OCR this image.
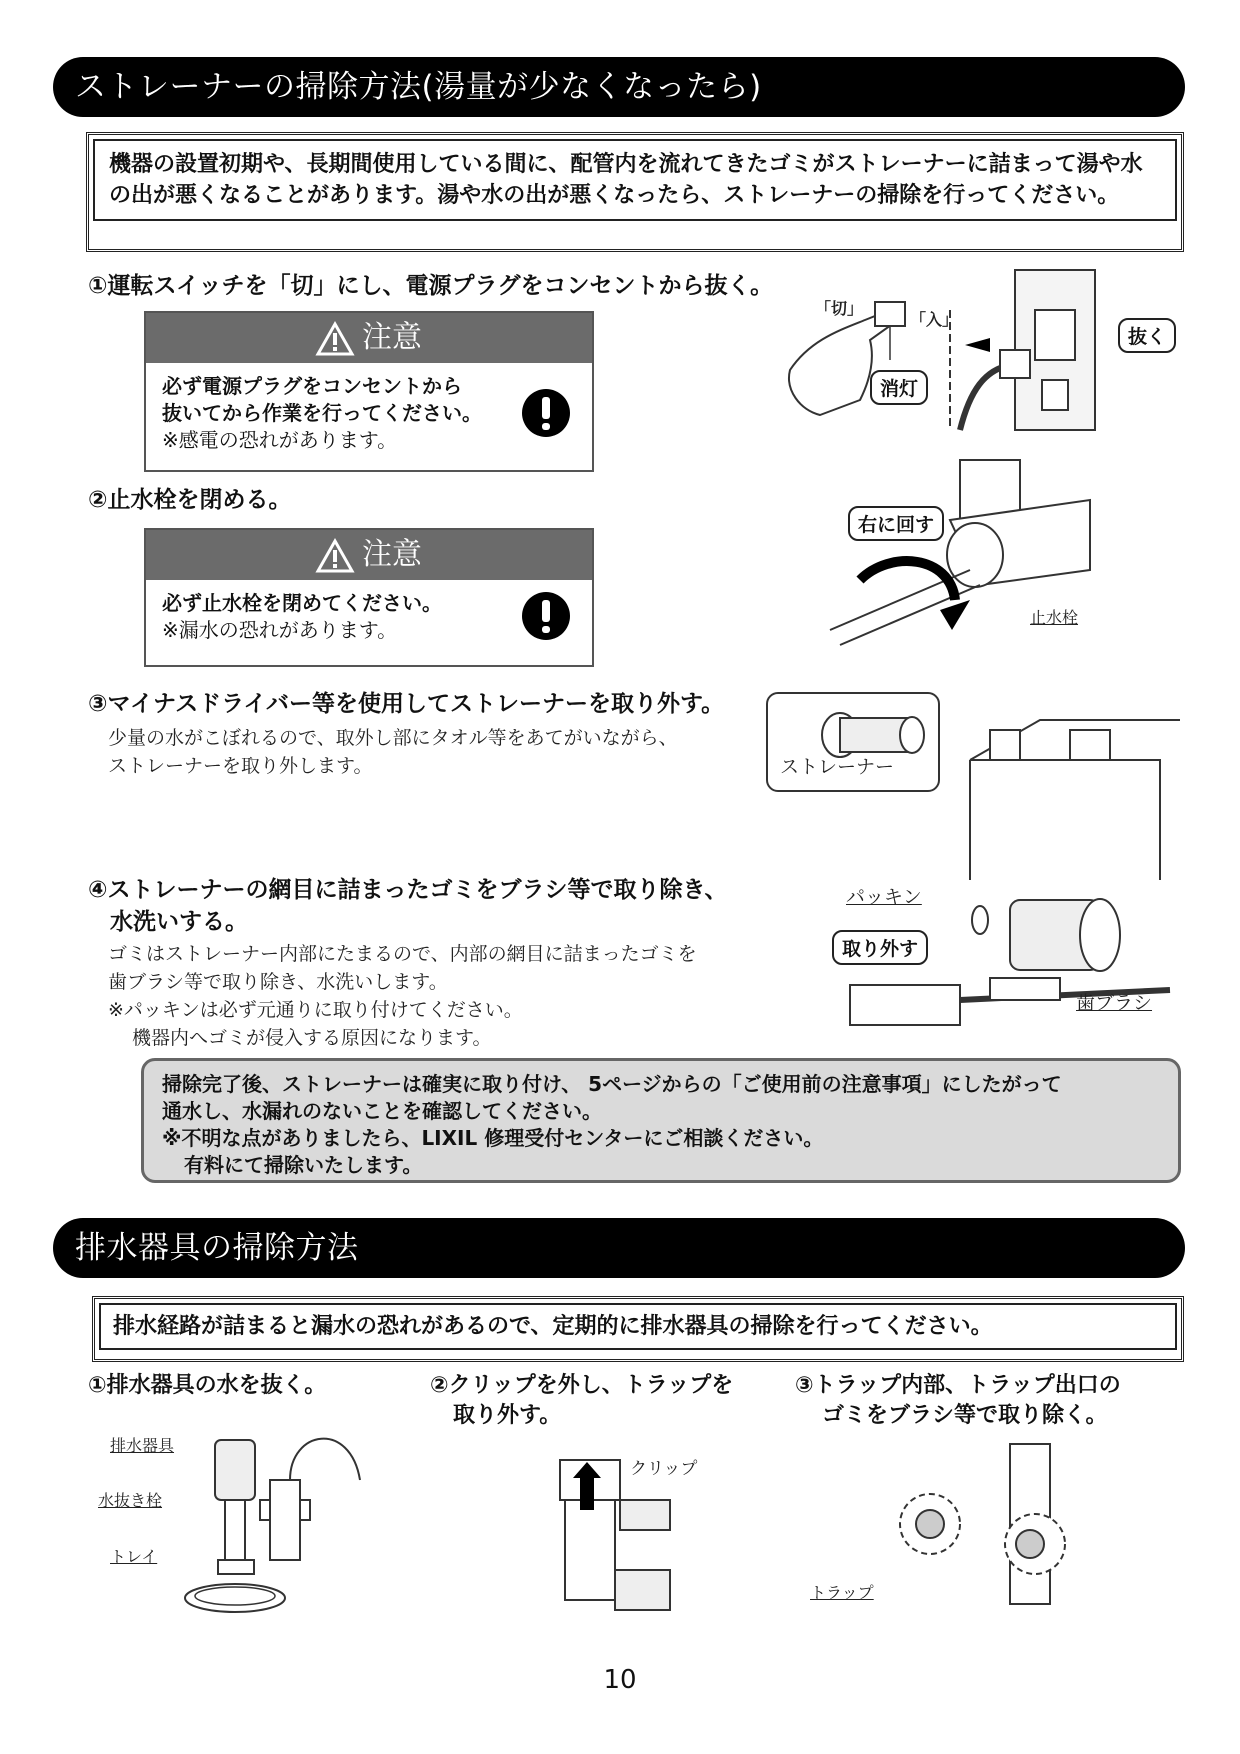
ストレーナーの掃除方法(湯量が少なくなったら)
機器の設置初期や、長期間使用している間に、配管内を流れてきたゴミがストレーナーに詰まって湯や水の出が悪くなることがあります。湯や水の出が悪くなったら、ストレーナーの掃除を行ってください。
①運転スイッチを「切」にし、電源プラグをコンセントから抜く。
注意
必ず電源プラグをコンセントから
抜いてから作業を行ってください。
※感電の恐れがあります。
「切」
「入」
消灯
抜く
②止水栓を閉める。
注意
必ず止水栓を閉めてください。
※漏水の恐れがあります。
右に回す
止水栓
③マイナスドライバー等を使用してストレーナーを取り外す。
少量の水がこぼれるので、取外し部にタオル等をあてがいながら、
ストレーナーを取り外します。	ストレーナー
④ストレーナーの網目に詰まったゴミをブラシ等で取り除き、
水洗いする。
ゴミはストレーナー内部にたまるので、内部の網目に詰まったゴミを
歯ブラシ等で取り除き、水洗いします。
※パッキンは必ず元通りに取り付けてください。
機器内へゴミが侵入する原因になります。
パッキン
取り外す
歯ブラシ
掃除完了後、ストレーナーは確実に取り付け、 5ページからの「ご使用前の注意事項」にしたがって
通水し、水漏れのないことを確認してください。
※不明な点がありましたら、LIXIL 修理受付センターにご相談ください。
有料にて掃除いたします。
排水器具の掃除方法
排水経路が詰まると漏水の恐れがあるので、定期的に排水器具の掃除を行ってください。
①排水器具の水を抜く。	②クリップを外し、トラップを
取り外す。
③トラップ内部、トラップ出口の
ゴミをブラシ等で取り除く。
排水器具
水抜き栓
トレイ
クリップ
トラップ
10
